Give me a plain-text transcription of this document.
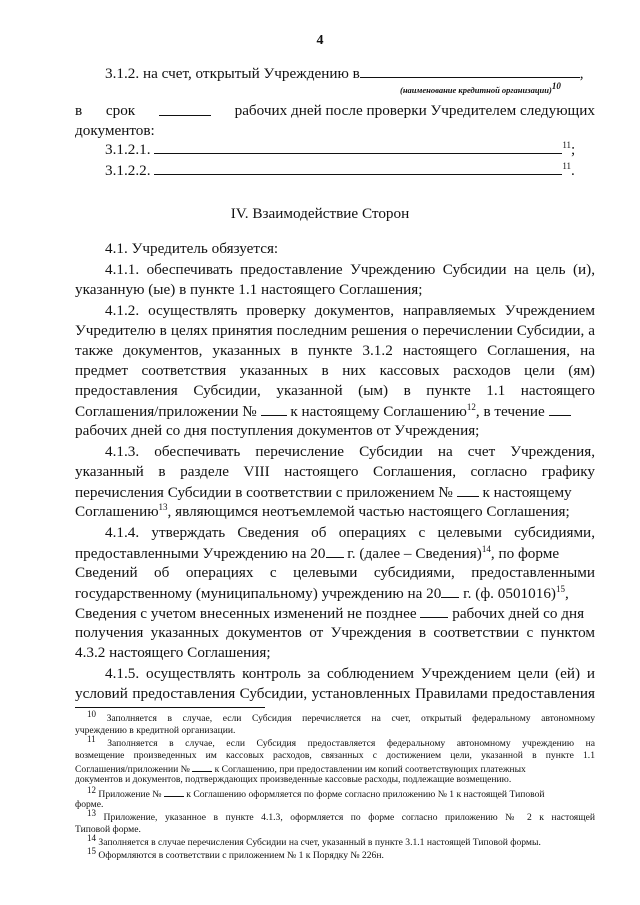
4
3.1.2. на счет, открытый Учреждению в	,
(наименование кредитной организации)10
в срок	рабочих дней после проверки Учредителем следующих
документов:
3.1.2.1.	$^{11}$;
3.1.2.2.	$^{11}$.
IV. Взаимодействие Сторон
4.1. Учредитель обязуется:
4.1.1. обеспечивать предоставление Учреждению Субсидии на цель (и),
указанную (ые) в пункте 1.1 настоящего Соглашения;
4.1.2. осуществлять проверку документов, направляемых Учреждением
Учредителю в целях принятия последним решения о перечислении Субсидии, а
также документов, указанных в пункте 3.1.2 настоящего Соглашения, на
предмет соответствия указанных в них кассовых расходов цели (ям)
предоставления Субсидии, указанной (ым) в пункте 1.1 настоящего
Соглашения/приложении № к настоящему Соглашению$^{12}$, в течение
рабочих дней со дня поступления документов от Учреждения;
4.1.3. обеспечивать перечисление Субсидии на счет Учреждения,
указанный в разделе VIII настоящего Соглашения, согласно графику
перечисления Субсидии в соответствии с приложением № к настоящему
Соглашению$^{13}$, являющимся неотъемлемой частью настоящего Соглашения;
4.1.4. утверждать Сведения об операциях с целевыми субсидиями,
предоставленными Учреждению на 20 г. (далее – Сведения)$^{14}$, по форме
Сведений об операциях с целевыми субсидиями, предоставленными
государственному (муниципальному) учреждению на 20 г. (ф. 0501016)$^{15}$,
Сведения с учетом внесенных изменений не позднее рабочих дней со дня
получения указанных документов от Учреждения в соответствии с пунктом
4.3.2 настоящего Соглашения;
4.1.5. осуществлять контроль за соблюдением Учреждением цели (ей) и
условий предоставления Субсидии, установленных Правилами предоставления
10 Заполняется в случае, если Субсидия перечисляется на счет, открытый федеральному автономному
учреждению в кредитной организации.
11 Заполняется в случае, если Субсидия предоставляется федеральному автономному учреждению на
возмещение произведенных им кассовых расходов, связанных с достижением цели, указанной в пункте 1.1
Соглашения/приложении №	к Соглашению, при предоставлении им копий соответствующих платежных
документов и документов, подтверждающих произведенные кассовые расходы, подлежащие возмещению.
12 Приложение №	к Соглашению оформляется по форме согласно приложению № 1 к настоящей Типовой
форме.
13 Приложение, указанное в пункте 4.1.3, оформляется по форме согласно приложению № 2 к настоящей
Типовой форме.
14 Заполняется в случае перечисления Субсидии на счет, указанный в пункте 3.1.1 настоящей Типовой формы.
15 Оформляются в соответствии с приложением № 1 к Порядку № 226н.
